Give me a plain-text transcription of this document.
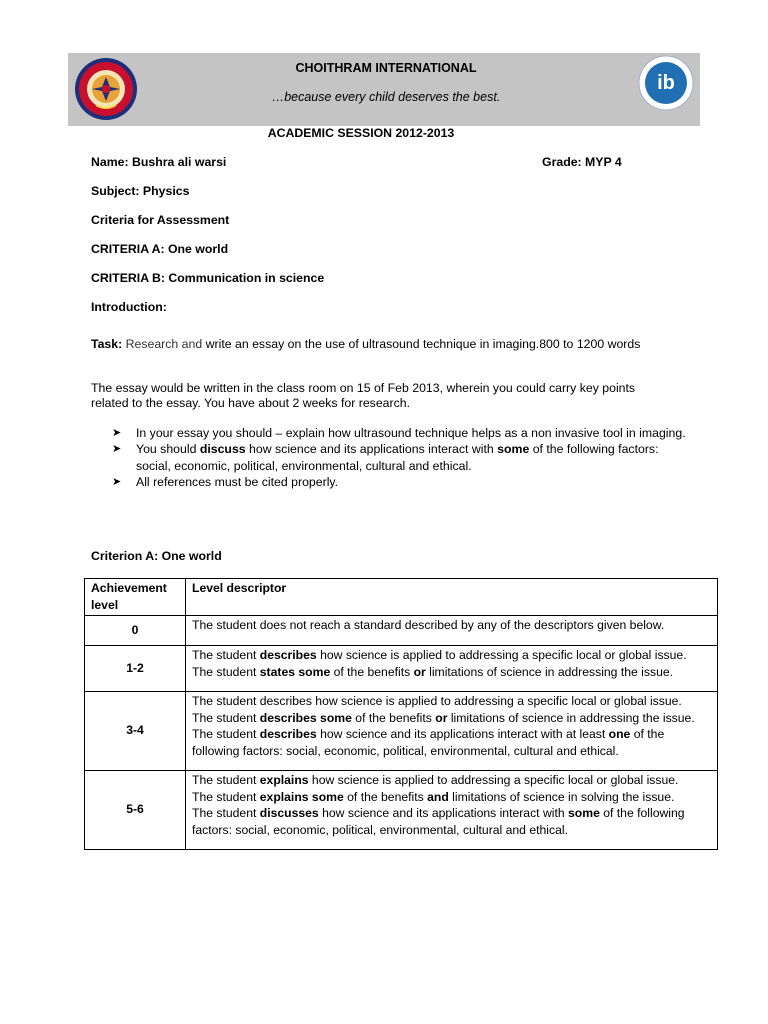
ib
CHOITHRAM INTERNATIONAL
…because every child deserves the best.
ACADEMIC SESSION 2012-2013
Name: Bushra ali warsi	Grade: MYP 4
Subject: Physics
Criteria for Assessment
CRITERIA A: One world
CRITERIA B: Communication in science
Introduction:
Task: Research and write an essay on the use of ultrasound technique in imaging.800 to 1200 words
The essay would be written in the class room on 15 of Feb 2013, wherein you could carry key points
related to the essay. You have about 2 weeks for research.
➤ In your essay you should – explain how ultrasound technique helps as a non invasive tool in imaging.
➤ You should discuss how science and its applications interact with some of the following factors: social, economic, political, environmental, cultural and ethical.
➤ All references must be cited properly.
Criterion A: One world
Achievement level	Level descriptor
0	The student does not reach a standard described by any of the descriptors given below.
1-2	The student describes how science is applied to addressing a specific local or global issue.
The student states some of the benefits or limitations of science in addressing the issue.
3-4	The student describes how science is applied to addressing a specific local or global issue.
The student describes some of the benefits or limitations of science in addressing the issue. The student describes how science and its applications interact with at least one of the following factors: social, economic, political, environmental, cultural and ethical.
5-6	The student explains how science is applied to addressing a specific local or global issue.
The student explains some of the benefits and limitations of science in solving the issue.
The student discusses how science and its applications interact with some of the following factors: social, economic, political, environmental, cultural and ethical.
